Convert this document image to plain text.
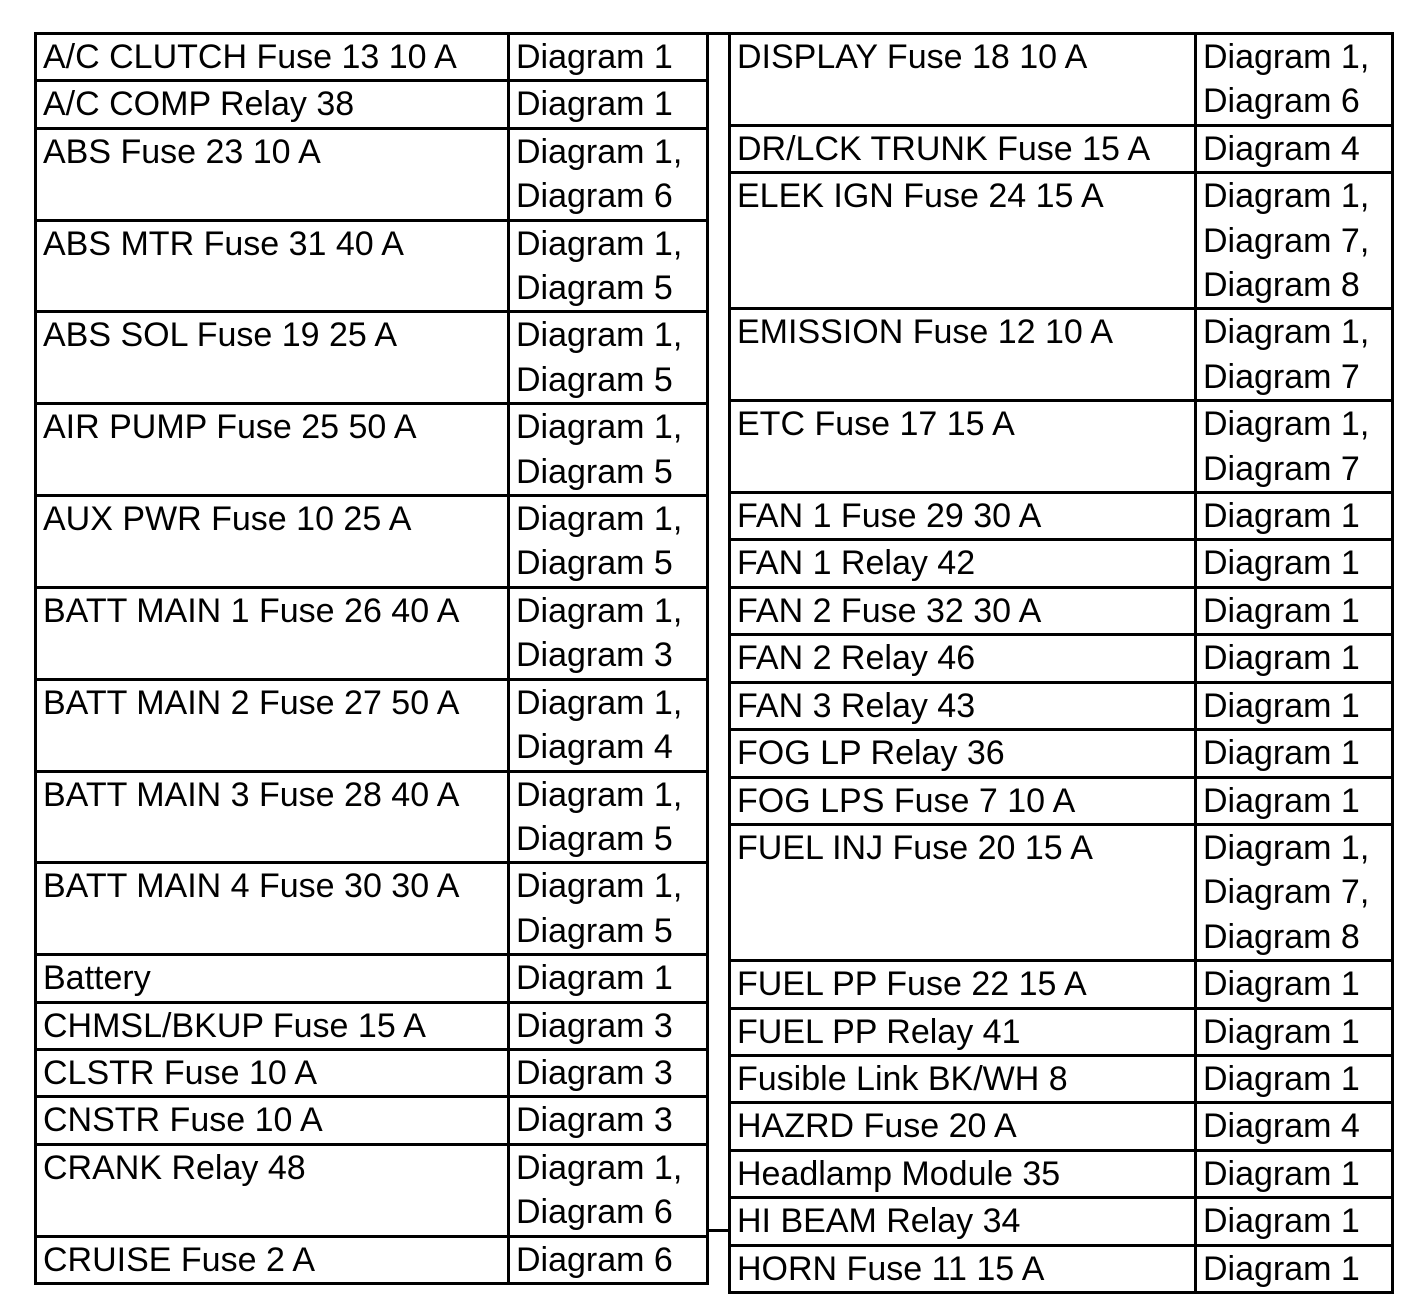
A/C CLUTCH Fuse 13 10 A	Diagram 1
A/C COMP Relay 38	Diagram 1
ABS Fuse 23 10 A	Diagram 1,
Diagram 6
ABS MTR Fuse 31 40 A	Diagram 1,
Diagram 5
ABS SOL Fuse 19 25 A	Diagram 1,
Diagram 5
AIR PUMP Fuse 25 50 A	Diagram 1,
Diagram 5
AUX PWR Fuse 10 25 A	Diagram 1,
Diagram 5
BATT MAIN 1 Fuse 26 40 A	Diagram 1,
Diagram 3
BATT MAIN 2 Fuse 27 50 A	Diagram 1,
Diagram 4
BATT MAIN 3 Fuse 28 40 A	Diagram 1,
Diagram 5
BATT MAIN 4 Fuse 30 30 A	Diagram 1,
Diagram 5
Battery	Diagram 1
CHMSL/BKUP Fuse 15 A	Diagram 3
CLSTR Fuse 10 A	Diagram 3
CNSTR Fuse 10 A	Diagram 3
CRANK Relay 48	Diagram 1,
Diagram 6
CRUISE Fuse 2 A	Diagram 6
DISPLAY Fuse 18 10 A	Diagram 1,
Diagram 6
DR/LCK TRUNK Fuse 15 A	Diagram 4
ELEK IGN Fuse 24 15 A	Diagram 1,
Diagram 7,
Diagram 8
EMISSION Fuse 12 10 A	Diagram 1,
Diagram 7
ETC Fuse 17 15 A	Diagram 1,
Diagram 7
FAN 1 Fuse 29 30 A	Diagram 1
FAN 1 Relay 42	Diagram 1
FAN 2 Fuse 32 30 A	Diagram 1
FAN 2 Relay 46	Diagram 1
FAN 3 Relay 43	Diagram 1
FOG LP Relay 36	Diagram 1
FOG LPS Fuse 7 10 A	Diagram 1
FUEL INJ Fuse 20 15 A	Diagram 1,
Diagram 7,
Diagram 8
FUEL PP Fuse 22 15 A	Diagram 1
FUEL PP Relay 41	Diagram 1
Fusible Link BK/WH 8	Diagram 1
HAZRD Fuse 20 A	Diagram 4
Headlamp Module 35	Diagram 1
HI BEAM Relay 34	Diagram 1
HORN Fuse 11 15 A	Diagram 1
